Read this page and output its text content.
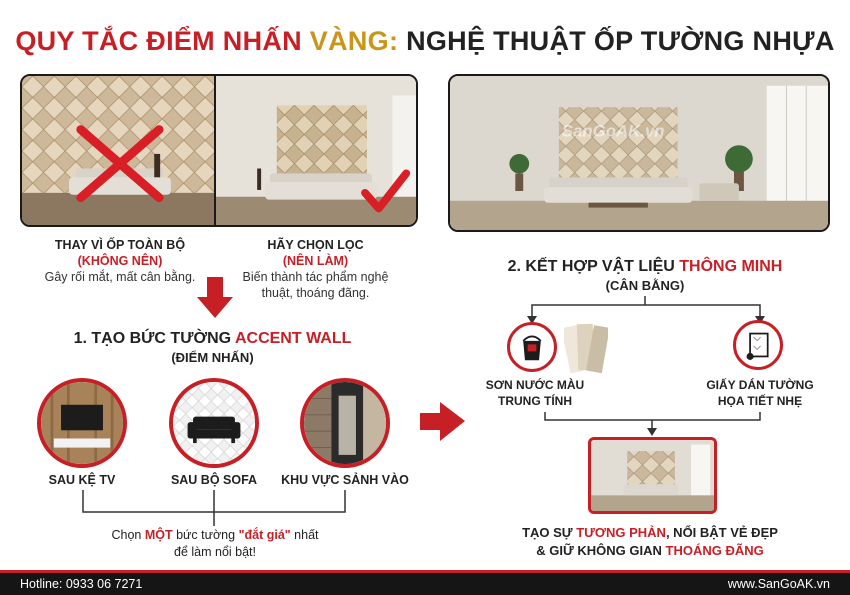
QUY TẮC ĐIỂM NHẤN VÀNG: NGHỆ THUẬT ỐP TƯỜNG NHỰA
THAY VÌ ỐP TOÀN BỘ
(KHÔNG NÊN)
Gây rối mắt, mất cân bằng.
HÃY CHỌN LỌC
(NÊN LÀM)
Biến thành tác phẩm nghệ
thuật, thoáng đãng.
SanGoAK.vn
1. TẠO BỨC TƯỜNG ACCENT WALL
(ĐIỂM NHẤN)
SAU KỆ TV	SAU BỘ SOFA	KHU VỰC SẢNH VÀO
Chọn MỘT bức tường "đắt giá" nhất
để làm nổi bật!
2. KẾT HỢP VẬT LIỆU THÔNG MINH
(CÂN BẰNG)
SƠN NƯỚC MÀU
TRUNG TÍNH
GIẤY DÁN TƯỜNG
HỌA TIẾT NHẸ
TẠO SỰ TƯƠNG PHẢN, NỔI BẬT VẺ ĐẸP
& GIỮ KHÔNG GIAN THOÁNG ĐÃNG
Hotline: 0933 06 7271	www.SanGoAK.vn
